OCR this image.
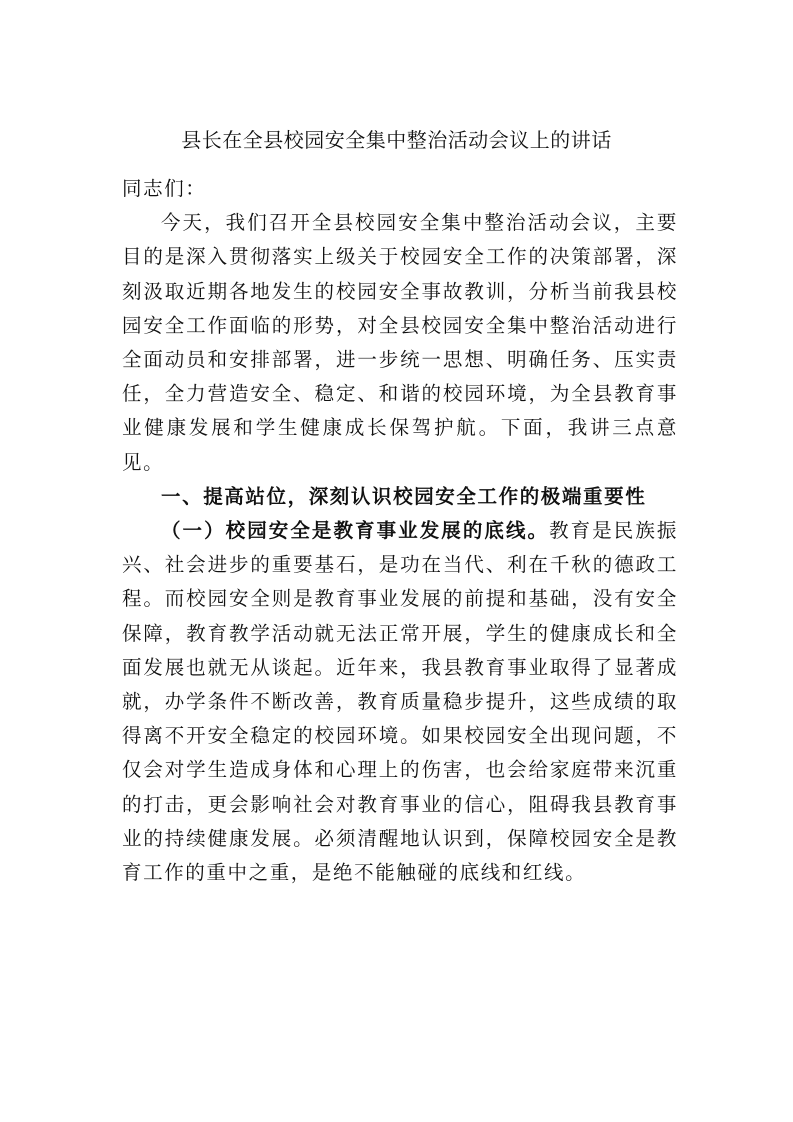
县长在全县校园安全集中整治活动会议上的讲话

同志们：

今天，我们召开全县校园安全集中整治活动会议，主要目的是深入贯彻落实上级关于校园安全工作的决策部署，深刻汲取近期各地发生的校园安全事故教训，分析当前我县校园安全工作面临的形势，对全县校园安全集中整治活动进行全面动员和安排部署，进一步统一思想、明确任务、压实责任，全力营造安全、稳定、和谐的校园环境，为全县教育事业健康发展和学生健康成长保驾护航。下面，我讲三点意见。

一、提高站位，深刻认识校园安全工作的极端重要性

（一）校园安全是教育事业发展的底线。教育是民族振兴、社会进步的重要基石，是功在当代、利在千秋的德政工程。而校园安全则是教育事业发展的前提和基础，没有安全保障，教育教学活动就无法正常开展，学生的健康成长和全面发展也就无从谈起。近年来，我县教育事业取得了显著成就，办学条件不断改善，教育质量稳步提升，这些成绩的取得离不开安全稳定的校园环境。如果校园安全出现问题，不仅会对学生造成身体和心理上的伤害，也会给家庭带来沉重的打击，更会影响社会对教育事业的信心，阻碍我县教育事业的持续健康发展。必须清醒地认识到，保障校园安全是教育工作的重中之重，是绝不能触碰的底线和红线。
